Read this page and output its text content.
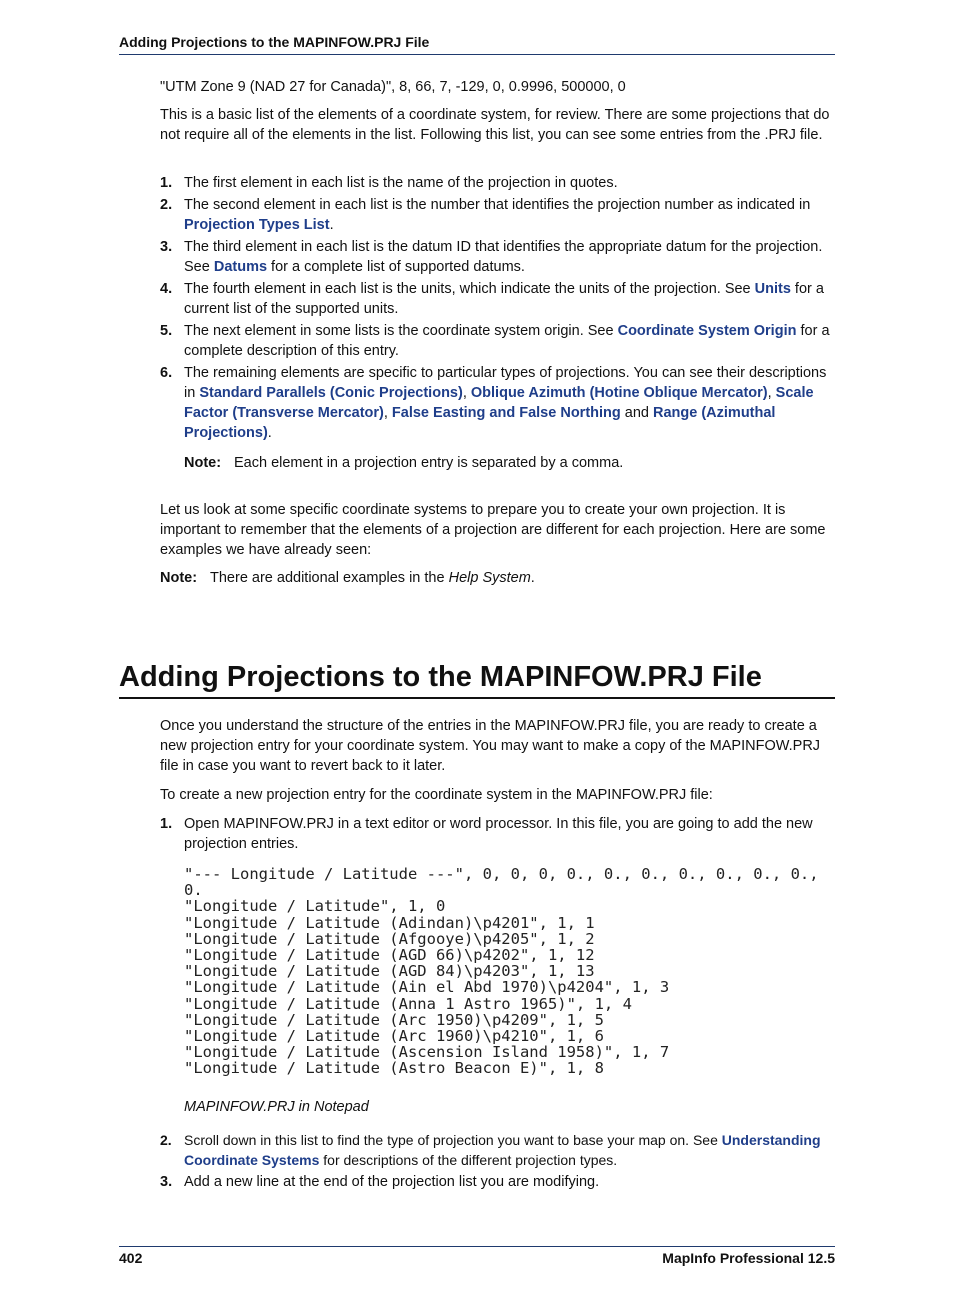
Adding Projections to the MAPINFOW.PRJ File

"UTM Zone 9 (NAD 27 for Canada)", 8, 66, 7, -129, 0, 0.9996, 500000, 0

This is a basic list of the elements of a coordinate system, for review. There are some projections that do not require all of the elements in the list. Following this list, you can see some entries from the .PRJ file.

1. The first element in each list is the name of the projection in quotes.
2. The second element in each list is the number that identifies the projection number as indicated in Projection Types List.
3. The third element in each list is the datum ID that identifies the appropriate datum for the projection. See Datums for a complete list of supported datums.
4. The fourth element in each list is the units, which indicate the units of the projection. See Units for a current list of the supported units.
5. The next element in some lists is the coordinate system origin. See Coordinate System Origin for a complete description of this entry.
6. The remaining elements are specific to particular types of projections. You can see their descriptions in Standard Parallels (Conic Projections), Oblique Azimuth (Hotine Oblique Mercator), Scale Factor (Transverse Mercator), False Easting and False Northing and Range (Azimuthal Projections).
Note: Each element in a projection entry is separated by a comma.

Let us look at some specific coordinate systems to prepare you to create your own projection. It is important to remember that the elements of a projection are different for each projection. Here are some examples we have already seen:

Note: There are additional examples in the Help System.
Adding Projections to the MAPINFOW.PRJ File

Once you understand the structure of the entries in the MAPINFOW.PRJ file, you are ready to create a new projection entry for your coordinate system. You may want to make a copy of the MAPINFOW.PRJ file in case you want to revert back to it later.

To create a new projection entry for the coordinate system in the MAPINFOW.PRJ file:

1. Open MAPINFOW.PRJ in a text editor or word processor. In this file, you are going to add the new projection entries.
"--- Longitude / Latitude ---", 0, 0, 0, 0., 0., 0., 0., 0., 0., 0.,
0.
"Longitude / Latitude", 1, 0
"Longitude / Latitude (Adindan)\p4201", 1, 1
"Longitude / Latitude (Afgooye)\p4205", 1, 2
"Longitude / Latitude (AGD 66)\p4202", 1, 12
"Longitude / Latitude (AGD 84)\p4203", 1, 13
"Longitude / Latitude (Ain el Abd 1970)\p4204", 1, 3
"Longitude / Latitude (Anna 1 Astro 1965)", 1, 4
"Longitude / Latitude (Arc 1950)\p4209", 1, 5
"Longitude / Latitude (Arc 1960)\p4210", 1, 6
"Longitude / Latitude (Ascension Island 1958)", 1, 7
"Longitude / Latitude (Astro Beacon E)", 1, 8
MAPINFOW.PRJ in Notepad
2. Scroll down in this list to find the type of projection you want to base your map on. See Understanding Coordinate Systems for descriptions of the different projection types.
3. Add a new line at the end of the projection list you are modifying.
402	MapInfo Professional 12.5
